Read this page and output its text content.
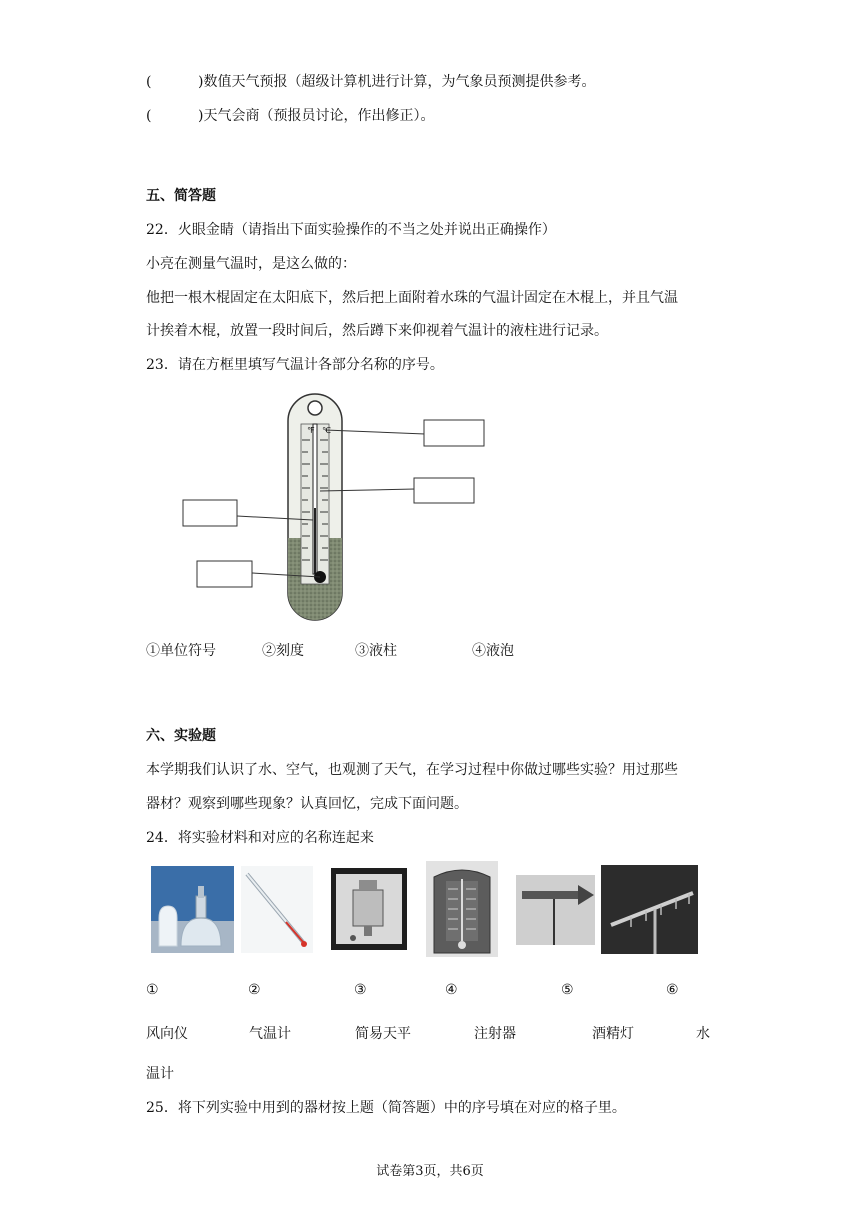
(	)数值天气预报（超级计算机进行计算，为气象员预测提供参考。
(	)天气会商（预报员讨论，作出修正）。
五、简答题
22．火眼金睛（请指出下面实验操作的不当之处并说出正确操作）
小亮在测量气温时，是这么做的：
他把一根木棍固定在太阳底下，然后把上面附着水珠的气温计固定在木棍上，并且气温
计挨着木棍，放置一段时间后，然后蹲下来仰视着气温计的液柱进行记录。
23．请在方框里填写气温计各部分名称的序号。
℉ ℃
①单位符号	②刻度	③液柱	④液泡
六、实验题
本学期我们认识了水、空气，也观测了天气，在学习过程中你做过哪些实验？用过那些
器材？观察到哪些现象？认真回忆，完成下面问题。
24．将实验材料和对应的名称连起来
①	②	③	④	⑤	⑥
风向仪	气温计	简易天平	注射器	酒精灯	水
温计
25．将下列实验中用到的器材按上题（简答题）中的序号填在对应的格子里。
试卷第3页，共6页
